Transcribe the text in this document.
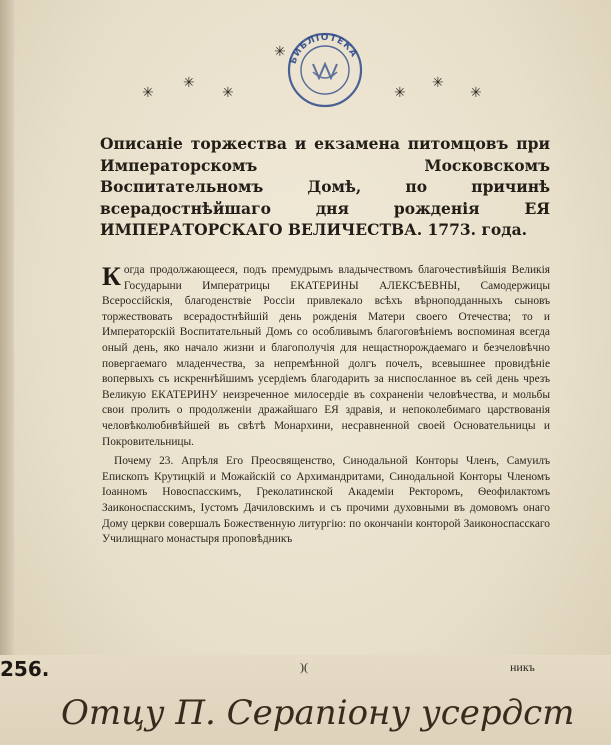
✳
✳
✳
✳
✳
✳
✳
БИБЛІОТЕКА
Описаніе торжества и екзамена питомцовъ при Императорскомъ Московскомъ Воспитательномъ Домѣ, по причинѣ всерадостнѣйшаго дня рожденія ЕЯ ИМПЕРАТОРСКАГО ВЕЛИЧЕСТВА. 1773. года.

Когда продолжающееся, подъ премудрымъ владычествомъ благочестивѣйшія Великія Государыни Императрицы ЕКАТЕРИНЫ АЛЕКСѢЕВНЫ, Самодержицы Всероссійскія, благоденствіе Россіи привлекало всѣхъ вѣрноподданныхъ сыновъ торжествовать всерадостнѣйшій день рожденія Матери своего Отечества; то и Императорскій Воспитательный Домъ со особливымъ благоговѣніемъ воспоминая всегда оный день, яко начало жизни и благополучія для нещастнорождаемаго и безчеловѣчно повергаемаго младенчества, за непремѣнной долгъ почелъ, всевышнее провидѣніе вопервыхъ съ искреннѣйшимъ усердіемъ благодарить за ниспосланное въ сей день чрезъ Великую ЕКАТЕРИНУ неизреченное милосердіе въ сохраненіи человѣчества, и мольбы свои пролить о продолженіи дражайшаго ЕЯ здравія, и непоколебимаго царствованія человѣколюбивѣйшей въ свѣтѣ Монархини, несравненной своей Основательницы и Покровительницы.

Почему 23. Апрѣля Его Преосвященство, Синодальной Конторы Членъ, Самуилъ Епископъ Крутицкій и Можайскій со Архимандритами, Синодальной Конторы Членомъ Іоанномъ Новоспасскимъ, Греколатинской Академіи Ректоромъ, Ѳеофилактомъ Заиконоспасскимъ, Іустомъ Дачиловскимъ и съ прочими духовными въ домовомъ онаго Дому церкви совершалъ Божественную литургію: по окончаніи конторой Заиконоспасскаго Училищнаго монастыря проповѣдникъ

256.	)(	никъ
Отцу П. Серапіону усердст
